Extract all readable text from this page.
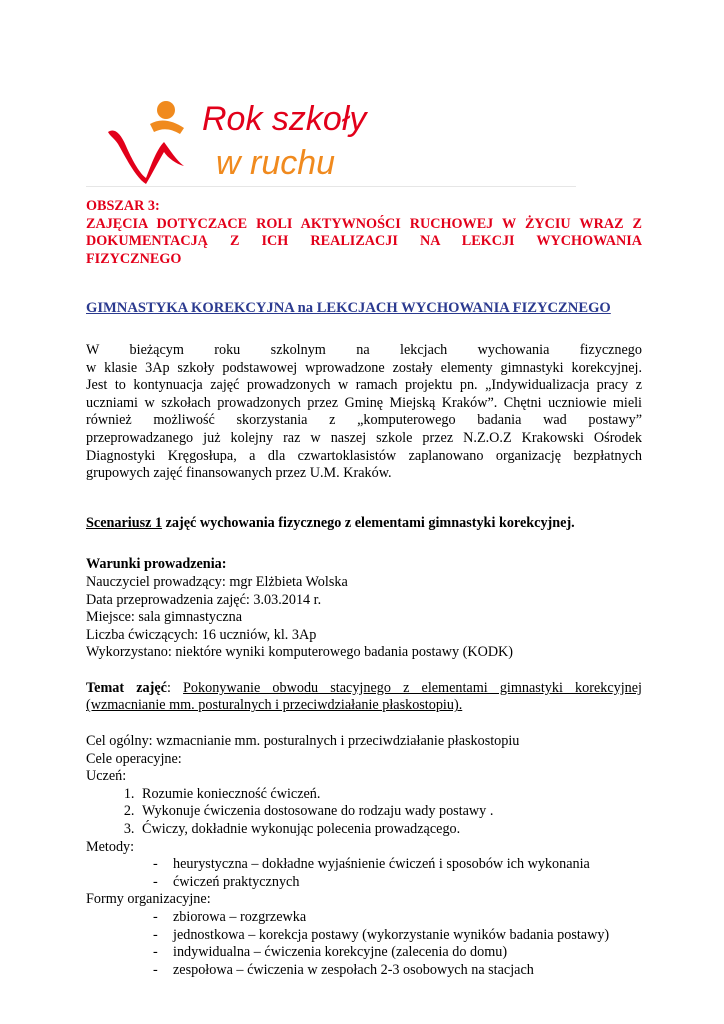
Rok szkoły
w ruchu

OBSZAR 3:

ZAJĘCIA DOTYCZACE ROLI AKTYWNOŚCI RUCHOWEJ W ŻYCIU WRAZ Z

DOKUMENTACJĄ Z ICH REALIZACJI NA LEKCJI WYCHOWANIA

FIZYCZNEGO

GIMNASTYKA KOREKCYJNA na LEKCJACH WYCHOWANIA FIZYCZNEGO

W bieżącym roku szkolnym na lekcjach wychowania fizycznego

w klasie 3Ap szkoły podstawowej wprowadzone zostały elementy gimnastyki korekcyjnej.

Jest to kontynuacja zajęć prowadzonych w ramach projektu pn. „Indywidualizacja pracy z

uczniami w szkołach prowadzonych przez Gminę Miejską Kraków”. Chętni uczniowie mieli

również możliwość skorzystania z „komputerowego badania wad postawy”

przeprowadzanego już kolejny raz w naszej szkole przez N.Z.O.Z Krakowski Ośrodek

Diagnostyki Kręgosłupa, a dla czwartoklasistów zaplanowano organizację bezpłatnych

grupowych zajęć finansowanych przez U.M. Kraków.

Scenariusz 1 zajęć wychowania fizycznego z elementami gimnastyki korekcyjnej.

Warunki prowadzenia:

Nauczyciel prowadzący: mgr Elżbieta Wolska

Data przeprowadzenia zajęć: 3.03.2014 r.

Miejsce: sala gimnastyczna

Liczba ćwiczących: 16 uczniów, kl. 3Ap

Wykorzystano: niektóre wyniki komputerowego badania postawy (KODK)

Temat zajęć: Pokonywanie obwodu stacyjnego z elementami gimnastyki korekcyjnej

(wzmacnianie mm. posturalnych i przeciwdziałanie płaskostopiu).

Cel ogólny: wzmacnianie mm. posturalnych i przeciwdziałanie płaskostopiu

Cele operacyjne:

Uczeń:

1. Rozumie konieczność ćwiczeń.
2. Wykonuje ćwiczenia dostosowane do rodzaju wady postawy .
3. Ćwiczy, dokładnie wykonując polecenia prowadzącego.

Metody:

- heurystyczna – dokładne wyjaśnienie ćwiczeń i sposobów ich wykonania
- ćwiczeń praktycznych

Formy organizacyjne:

- zbiorowa – rozgrzewka
- jednostkowa – korekcja postawy (wykorzystanie wyników badania postawy)
- indywidualna – ćwiczenia korekcyjne (zalecenia do domu)
- zespołowa – ćwiczenia w zespołach 2-3 osobowych na stacjach
